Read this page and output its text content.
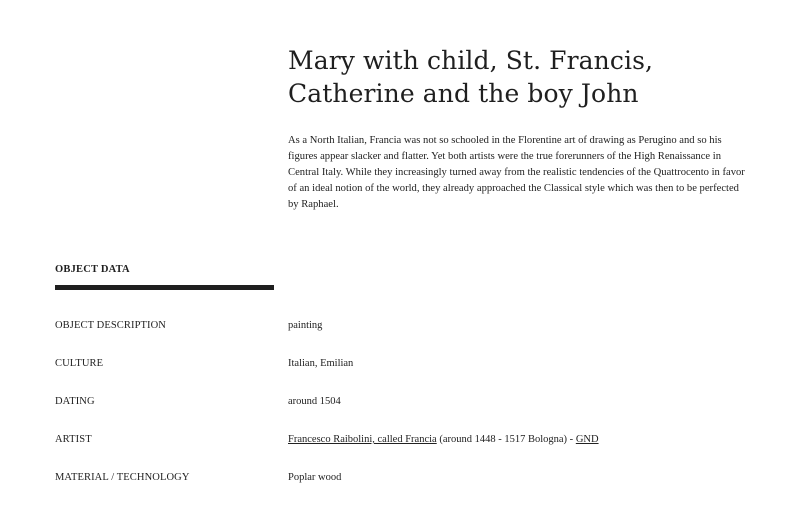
Mary with child, St. Francis, Catherine and the boy John

As a North Italian, Francia was not so schooled in the Florentine art of drawing as Perugino and so his figures appear slacker and flatter. Yet both artists were the true forerunners of the High Renaissance in Central Italy. While they increasingly turned away from the realistic tendencies of the Quattrocento in favor of an ideal notion of the world, they already approached the Classical style which was then to be perfected by Raphael.

OBJECT DATA
OBJECT DESCRIPTION	painting
CULTURE	Italian, Emilian
DATING	around 1504
ARTIST	Francesco Raibolini, called Francia (around 1448 - 1517 Bologna) - GND
MATERIAL / TECHNOLOGY	Poplar wood
